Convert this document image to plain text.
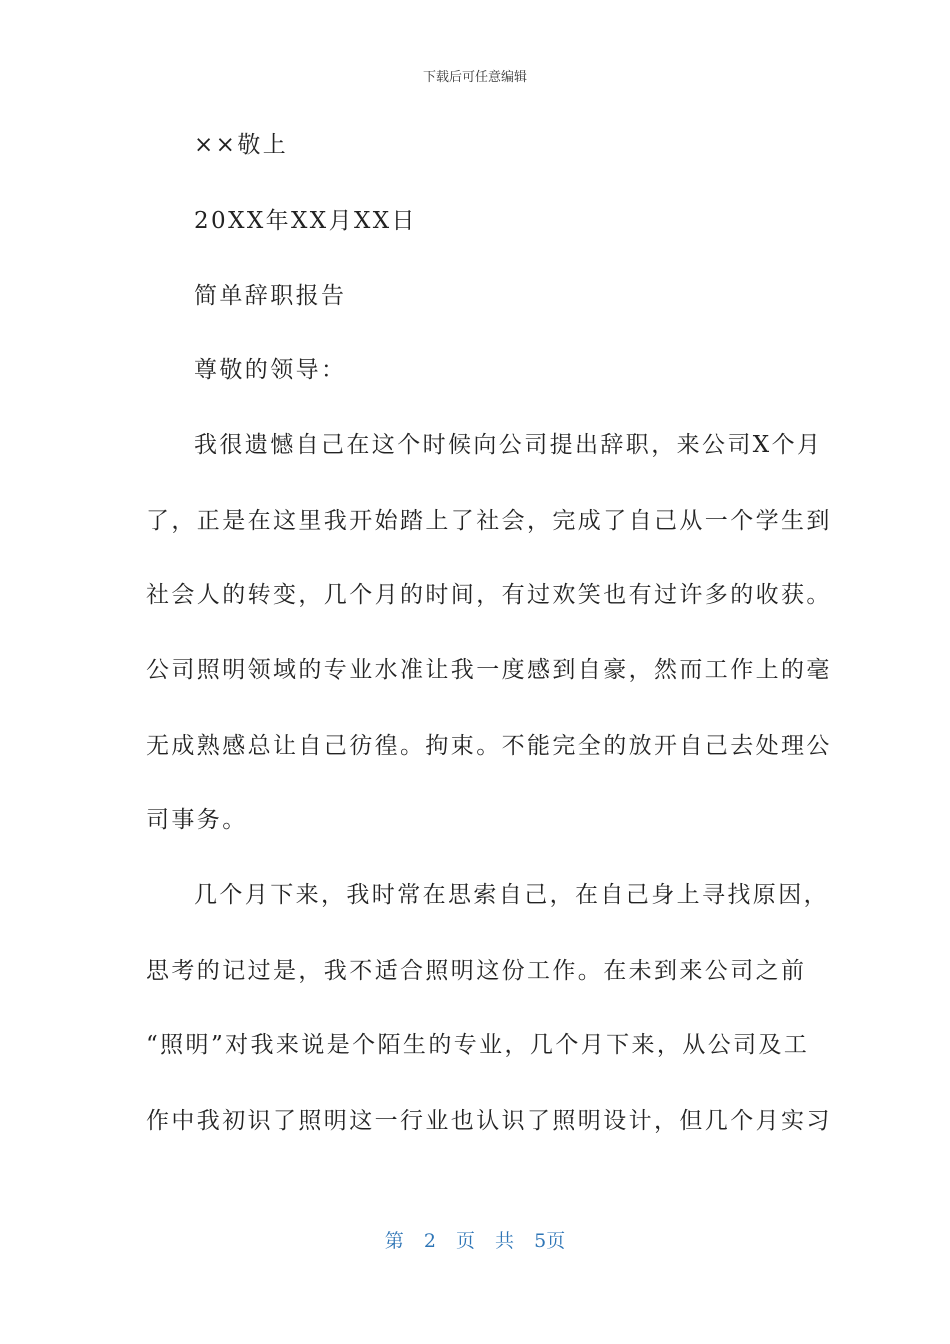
下载后可任意编辑
××敬上
20XX年XX月XX日
简单辞职报告
尊敬的领导：
我很遗憾自己在这个时候向公司提出辞职，来公司X个月
了，正是在这里我开始踏上了社会，完成了自己从一个学生到
社会人的转变，几个月的时间，有过欢笑也有过许多的收获。
公司照明领域的专业水准让我一度感到自豪，然而工作上的毫
无成熟感总让自己彷徨。拘束。不能完全的放开自己去处理公
司事务。
几个月下来，我时常在思索自己，在自己身上寻找原因，
思考的记过是，我不适合照明这份工作。在未到来公司之前
“照明”对我来说是个陌生的专业，几个月下来，从公司及工
作中我初识了照明这一行业也认识了照明设计，但几个月实习
第 2 页 共 5页
